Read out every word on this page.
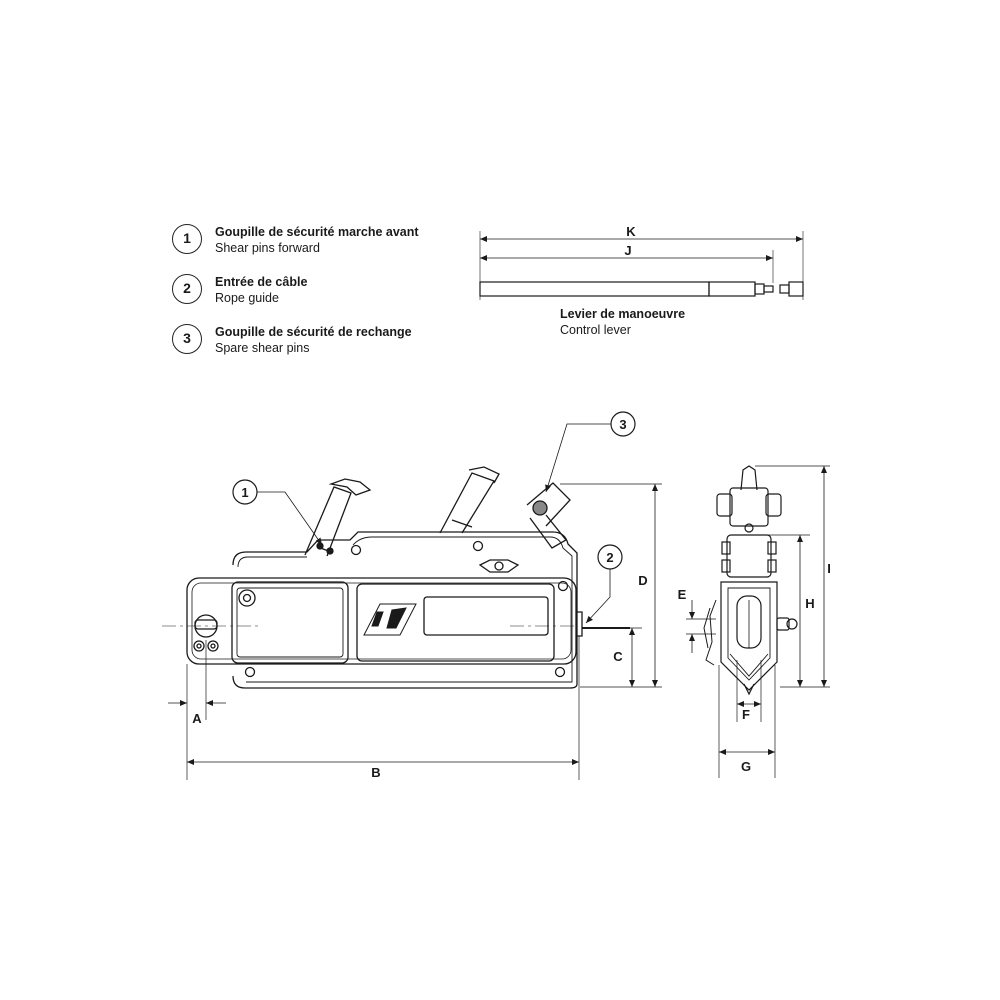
1	Goupille de sécurité marche avant
Shear pins forward
2	Entrée de câble
Rope guide
3	Goupille de sécurité de rechange
Spare shear pins
Levier de manoeuvre
Control lever
K
J
B
A
C
D
1
2
3
E
F
G
H
I
